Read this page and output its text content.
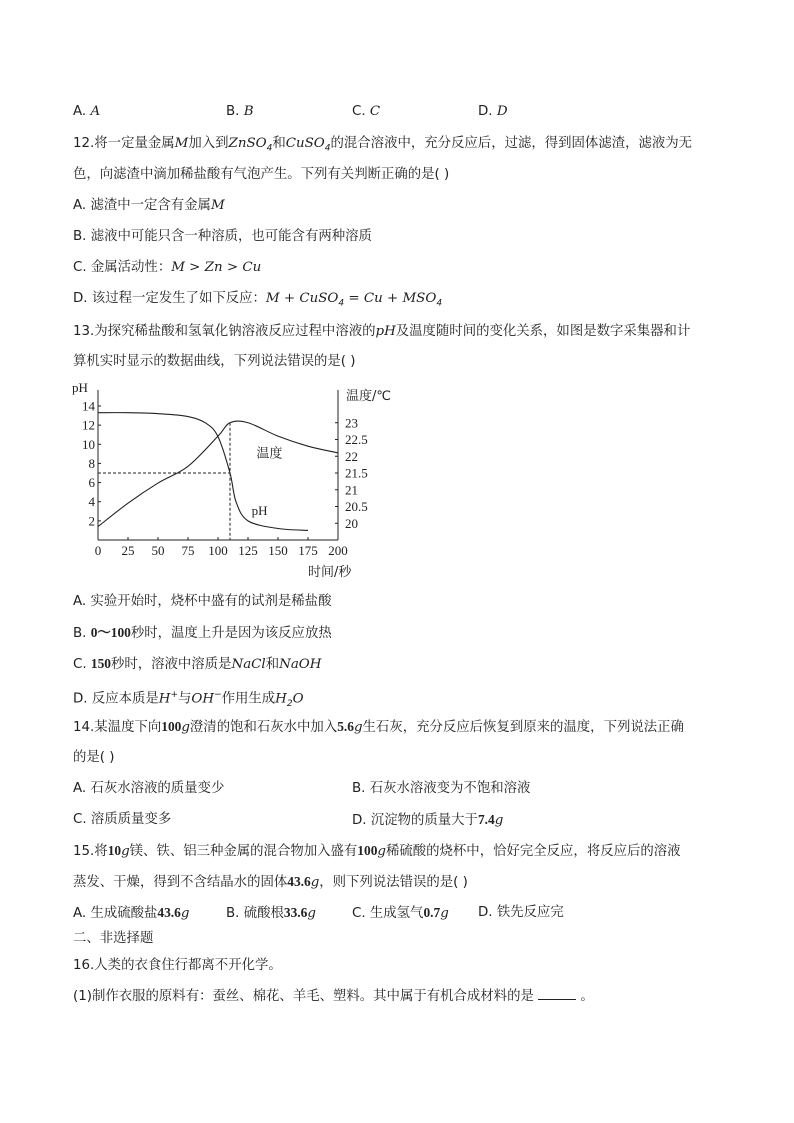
A. A	B. B	C. C	D. D
12.将一定量金属M加入到ZnSO$_4$和CuSO$_4$的混合溶液中，充分反应后，过滤，得到固体滤渣，滤液为无
色，向滤渣中滴加稀盐酸有气泡产生。下列有关判断正确的是( )
A. 滤渣中一定含有金属M
B. 滤液中可能只含一种溶质，也可能含有两种溶质
C. 金属活动性：M > Zn > Cu
D. 该过程一定发生了如下反应：M + CuSO$_4$ = $Cu + MSO_4$
13.为探究稀盐酸和氢氧化钠溶液反应过程中溶液的pH及温度随时间的变化关系，如图是数字采集器和计
算机实时显示的数据曲线，下列说法错误的是( )
0 25 50 75 100 125 150 175 200
2
4
6
8
10
12
14
20
20.5
21
21.5
22
22.5
23
pH
温度/℃
时间/秒
温度
pH
A. 实验开始时，烧杯中盛有的试剂是稀盐酸
B. 0～100秒时，温度上升是因为该反应放热
C. 150秒时，溶液中溶质是NaCl和NaOH
D. 反应本质是H+与OH−作用生成$H_2O$
14.某温度下向100g澄清的饱和石灰水中加入5.6g生石灰，充分反应后恢复到原来的温度，下列说法正确
的是( )
A. 石灰水溶液的质量变少	B. 石灰水溶液变为不饱和溶液
C. 溶质质量变多	D. 沉淀物的质量大于7.4g
15.将10g镁、铁、铝三种金属的混合物加入盛有100g稀硫酸的烧杯中，恰好完全反应，将反应后的溶液
蒸发、干燥，得到不含结晶水的固体43.6g，则下列说法错误的是( )
A. 生成硫酸盐43.6g	B. 硫酸根33.6g	C. 生成氢气0.7g D. 铁先反应完
二、非选择题
16.人类的衣食住行都离不开化学。
(1)制作衣服的原料有：蚕丝、棉花、羊毛、塑料。其中属于有机合成材料的是	。
